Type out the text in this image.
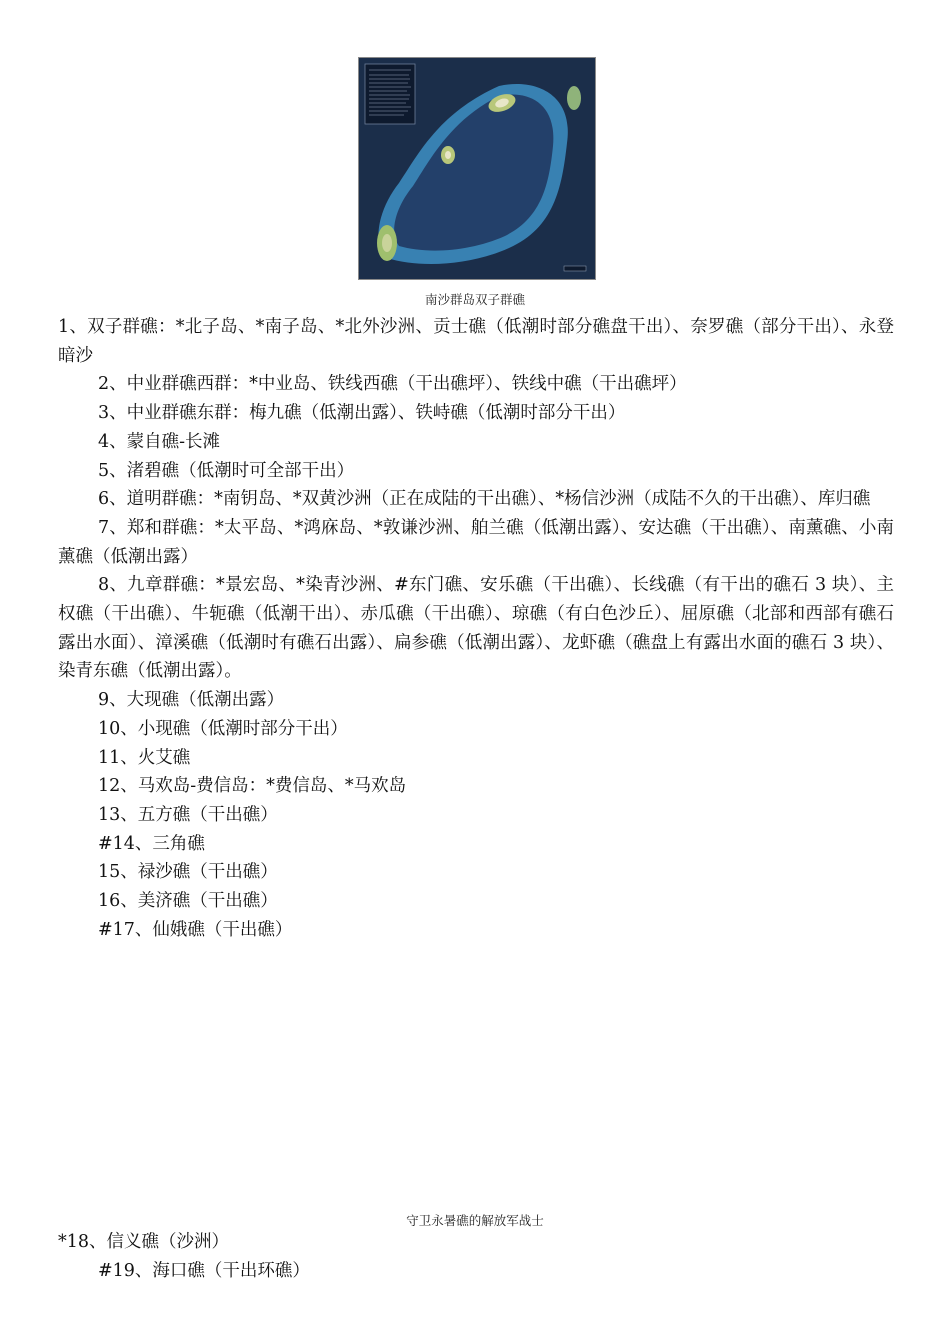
南沙群岛双子群礁

1、双子群礁：*北子岛、*南子岛、*北外沙洲、贡士礁（低潮时部分礁盘干出）、奈罗礁（部分干出）、永登暗沙

2、中业群礁西群：*中业岛、铁线西礁（干出礁坪）、铁线中礁（干出礁坪）

3、中业群礁东群：梅九礁（低潮出露）、铁峙礁（低潮时部分干出）

4、蒙自礁-长滩

5、渚碧礁（低潮时可全部干出）

6、道明群礁：*南钥岛、*双黄沙洲（正在成陆的干出礁）、*杨信沙洲（成陆不久的干出礁）、库归礁

7、郑和群礁：*太平岛、*鸿庥岛、*敦谦沙洲、舶兰礁（低潮出露）、安达礁（干出礁）、南薰礁、小南薰礁（低潮出露）

8、九章群礁：*景宏岛、*染青沙洲、#东门礁、安乐礁（干出礁）、长线礁（有干出的礁石 3 块）、主权礁（干出礁）、牛轭礁（低潮干出）、赤瓜礁（干出礁）、琼礁（有白色沙丘）、屈原礁（北部和西部有礁石露出水面）、漳溪礁（低潮时有礁石出露）、扁参礁（低潮出露）、龙虾礁（礁盘上有露出水面的礁石 3 块）、染青东礁（低潮出露）。

9、大现礁（低潮出露）

10、小现礁（低潮时部分干出）

11、火艾礁

12、马欢岛-费信岛：*费信岛、*马欢岛

13、五方礁（干出礁）

#14、三角礁

15、禄沙礁（干出礁）

16、美济礁（干出礁）

#17、仙娥礁（干出礁）

守卫永暑礁的解放军战士

*18、信义礁（沙洲）

#19、海口礁（干出环礁）
